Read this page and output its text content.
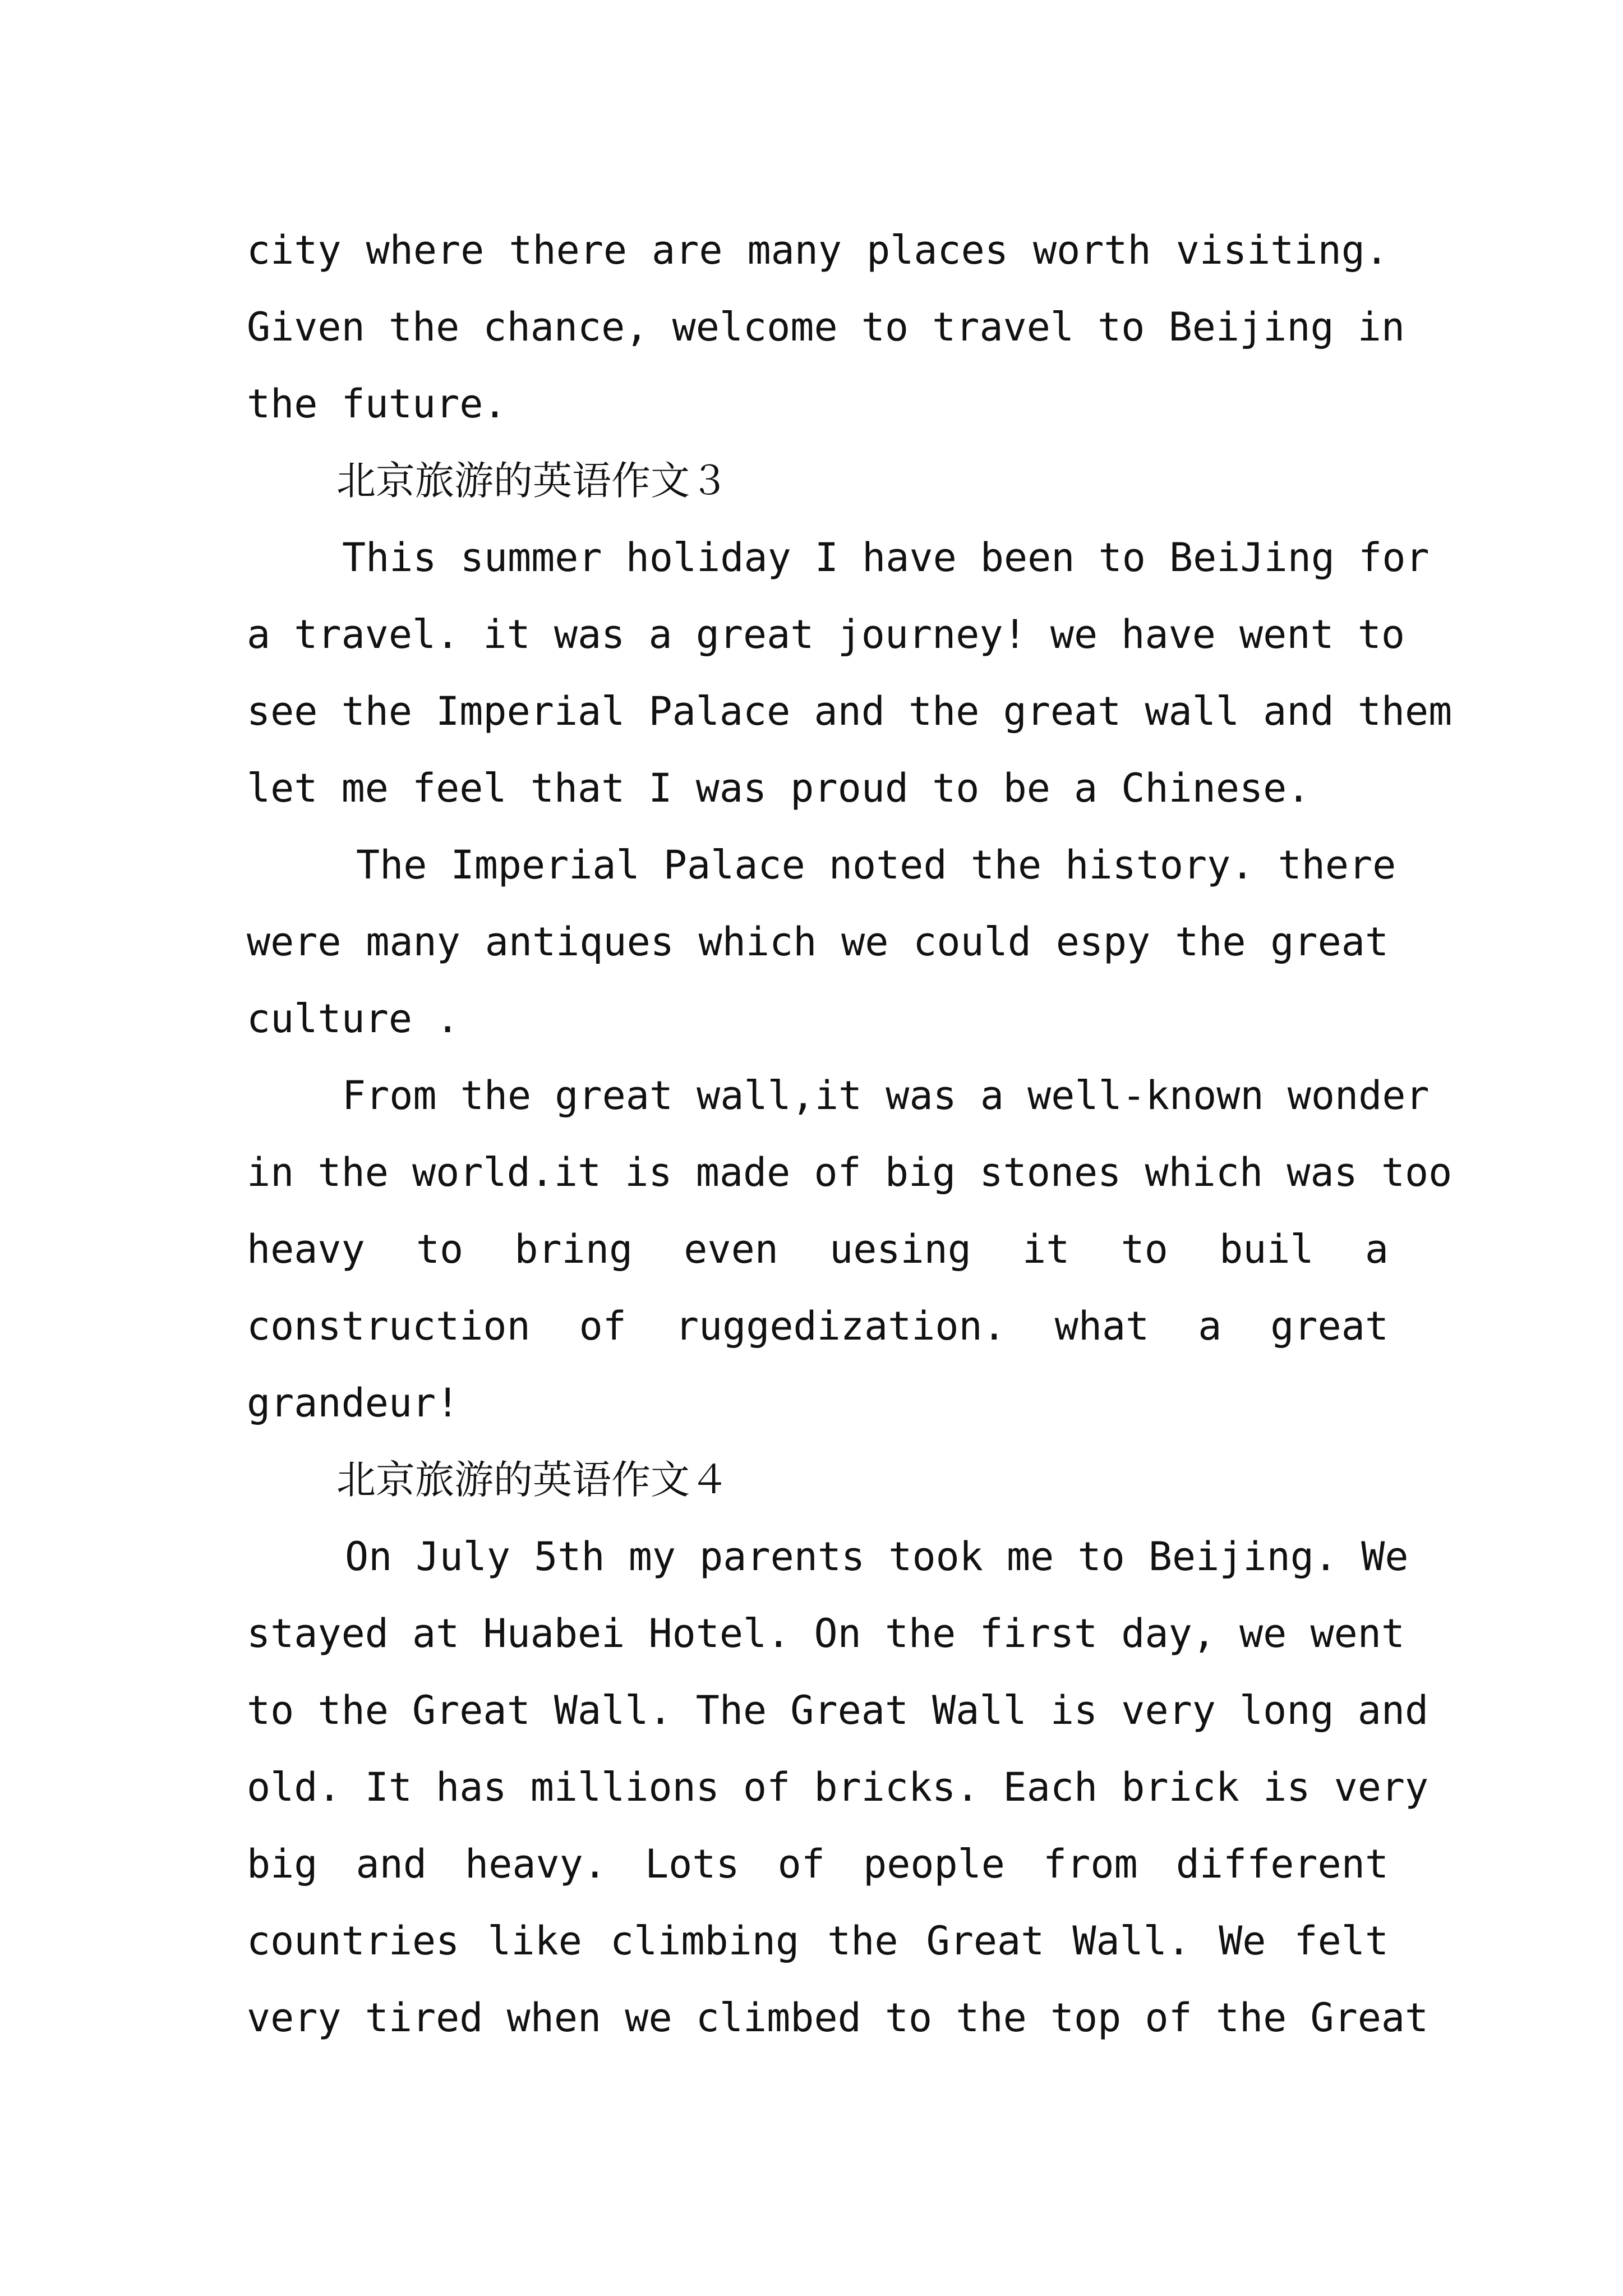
city where there are many places worth visiting.
Given the chance, welcome to travel to Beijing in
the future.
北京旅游的英语作文３
This summer holiday I have been to BeiJing for
a travel. it was a great journey! we have went to
see the Imperial Palace and the great wall and them
let me feel that I was proud to be a Chinese.
The Imperial Palace noted the history. there
were many antiques which we could espy the great
culture .
From the great wall,it was a well-known wonder
in the world.it is made of big stones which was too
heavy to bring even uesing it to buil a
construction of ruggedization. what a great
grandeur!
北京旅游的英语作文４
On July 5th my parents took me to Beijing. We
stayed at Huabei Hotel. On the first day, we went
to the Great Wall. The Great Wall is very long and
old. It has millions of bricks. Each brick is very
big and heavy. Lots of people from different
countries like climbing the Great Wall. We felt
very tired when we climbed to the top of the Great
